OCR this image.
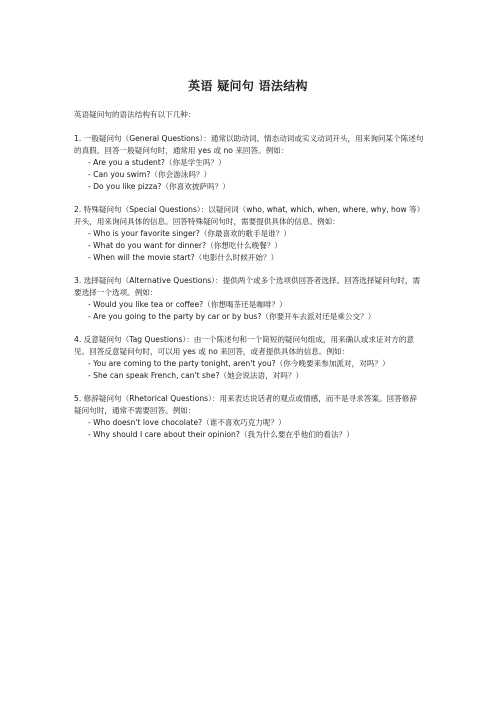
英语 疑问句 语法结构

英语疑问句的语法结构有以下几种：

1. 一般疑问句（General Questions）：通常以助动词、情态动词或实义动词开头，用来询问某个陈述句的真假。回答一般疑问句时，通常用 yes 或 no 来回答。例如：

- Are you a student?（你是学生吗？）
- Can you swim?（你会游泳吗？）
- Do you like pizza?（你喜欢披萨吗？）

2. 特殊疑问句（Special Questions）：以疑问词（who, what, which, when, where, why, how 等）开头，用来询问具体的信息。回答特殊疑问句时，需要提供具体的信息。例如：

- Who is your favorite singer?（你最喜欢的歌手是谁？）
- What do you want for dinner?（你想吃什么晚餐？）
- When will the movie start?（电影什么时候开始？）

3. 选择疑问句（Alternative Questions）：提供两个或多个选项供回答者选择。回答选择疑问句时，需要选择一个选项。例如：

- Would you like tea or coffee?（你想喝茶还是咖啡？）
- Are you going to the party by car or by bus?（你要开车去派对还是乘公交？）

4. 反意疑问句（Tag Questions）：由一个陈述句和一个简短的疑问句组成，用来确认或求证对方的意见。回答反意疑问句时，可以用 yes 或 no 来回答，或者提供具体的信息。例如：

- You are coming to the party tonight, aren't you?（你今晚要来参加派对，对吗？）
- She can speak French, can't she?（她会说法语，对吗？）

5. 修辞疑问句（Rhetorical Questions）：用来表达说话者的观点或情感，而不是寻求答案。回答修辞疑问句时，通常不需要回答。例如：

- Who doesn't love chocolate?（谁不喜欢巧克力呢？）
- Why should I care about their opinion?（我为什么要在乎他们的看法？）
